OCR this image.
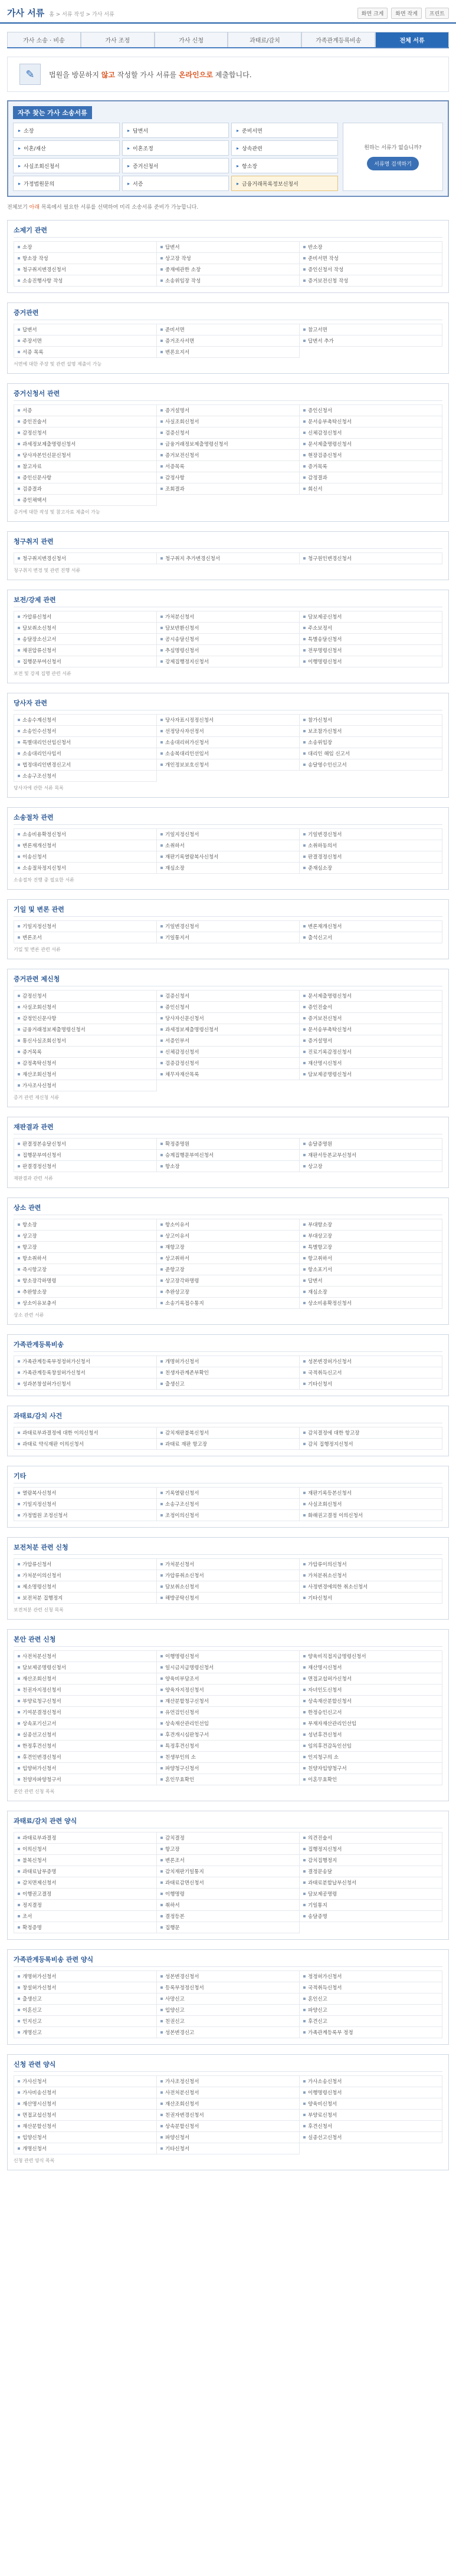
가사 서류 홈 > 서류 작성 > 가사 서류	화면 크게	화면 작게	프린트
가사 소송 · 비송	가사 조정	가사 신청	과태료/감치	가족관계등록비송	전체 서류
✎	법원을 방문하지 않고 작성할 가사 서류를 온라인으로 제출합니다.
자주 찾는 가사 소송서류
▸ 소장	▸ 답변서	▸ 준비서면
▸ 이혼/재산	▸ 이혼조정	▸ 상속관련
▸ 사실조회신청서	▸ 증거신청서	▸ 항소장
▸ 가정법원문의	▸ 서증	▸ 금융거래목록정보신청서
원하는 서류가 없습니까?
서류명 검색하기
전체보기 아래 목록에서 필요한 서류를 선택하여 미리 소송서류 준비가 가능합니다.
소제기 관련
소장	답변서	반소장
항소장 작성	상고장 작성	준비서면 작성
청구취지변경신청서	중재에관한 소장	증인신청서 작성
소송진행사항 작성	소송위임장 작성	증거보전신청 작성
증거관련
답변서	준비서면	참고서면
주장서면	증거조사서면	답변서 추가
서증 목록	변론요지서
서면에 대한 주장 및 관련 설명 제출이 가능
증거신청서 관련
서증	증거설명서	증인신청서
증인진술서	사실조회신청서	문서송부촉탁신청서
감정신청서	검증신청서	신체감정신청서
과세정보제출명령신청서	금융거래정보제출명령신청서	문서제출명령신청서
당사자본인신문신청서	증거보전신청서	현장검증신청서
참고자료	서증목록	증거목록
증인신문사항	감정사항	감정결과
검증결과	조회결과	회신서
증인채택서
증거에 대한 작성 및 참고자료 제출이 가능
청구취지 관련
청구취지변경신청서	청구취지 추가변경신청서	청구원인변경신청서
청구취지 변경 및 관련 진행 서류
보전/강제 관련
가압류신청서	가처분신청서	담보제공신청서
담보취소신청서	담보반환신청서	주소보정서
송달장소신고서	공시송달신청서	특별송달신청서
채권압류신청서	추심명령신청서	전부명령신청서
집행문부여신청서	강제집행정지신청서	이행명령신청서
보전 및 강제 집행 관련 서류
당사자 관련
소송수계신청서	당사자표시정정신청서	참가신청서
소송인수신청서	선정당사자선정서	보조참가신청서
특별대리인선임신청서	소송대리허가신청서	소송위임장
소송대리인사임서	소송복대리인선임서	대리인 해임 신고서
법정대리인변경신고서	개인정보보호신청서	송달영수인신고서
소송구조신청서
당사자에 관한 서류 목록
소송절차 관련
소송비용확정신청서	기일지정신청서	기일변경신청서
변론재개신청서	소취하서	소취하동의서
이송신청서	재판기록열람복사신청서	판결경정신청서
소송절차정지신청서	재심소장	준재심소장
소송절차 진행 중 필요한 서류
기일 및 변론 관련
기일지정신청서	기일변경신청서	변론재개신청서
변론조서	기일통지서	출석신고서
기일 및 변론 관련 서류
증거관련 제신청
감정신청서	검증신청서	문서제출명령신청서
사실조회신청서	증인신청서	증인진술서
감정인신문사항	당사자신문신청서	증거보전신청서
금융거래정보제출명령신청서	과세정보제출명령신청서	문서송부촉탁신청서
통신사실조회신청서	서증인부서	증거설명서
증거목록	신체감정신청서	진료기록감정신청서
감정촉탁신청서	검증감정신청서	재산명시신청서
재산조회신청서	채무자재산목록	담보제공명령신청서
가사조사신청서
증거 관련 제신청 서류
재판결과 관련
판결정본송달신청서	확정증명원	송달증명원
집행문부여신청서	승계집행문부여신청서	재판서등본교부신청서
판결경정신청서	항소장	상고장
재판결과 관련 서류
상소 관련
항소장	항소이유서	부대항소장
상고장	상고이유서	부대상고장
항고장	재항고장	특별항고장
항소취하서	상고취하서	항고취하서
즉시항고장	준항고장	항소포기서
항소장각하명령	상고장각하명령	답변서
추완항소장	추완상고장	재심소장
상소이유보충서	소송기록접수통지	상소비용확정신청서
상소 관련 서류
가족관계등록비송
가족관계등록부정정허가신청서	개명허가신청서	성본변경허가신청서
가족관계등록창설허가신청서	친생자관계존부확인	국적취득신고서
성과본창설허가신청서	출생신고	기타신청서
과태료/감치 사건
과태료부과결정에 대한 이의신청서	감치재판불복신청서	감치결정에 대한 항고장
과태료 약식재판 이의신청서	과태료 재판 항고장	감치 집행정지신청서
기타
열람복사신청서	기록열람신청서	재판기록등본신청서
기일지정신청서	소송구조신청서	사실조회신청서
가정법원 조정신청서	조정이의신청서	화해권고결정 이의신청서
보전처분 관련 신청
가압류신청서	가처분신청서	가압류이의신청서
가처분이의신청서	가압류취소신청서	가처분취소신청서
제소명령신청서	담보취소신청서	사정변경에의한 취소신청서
보전처분 집행정지	해방공탁신청서	기타신청서
보전처분 관련 신청 목록
본안 관련 신청
사전처분신청서	이행명령신청서	양육비직접지급명령신청서
담보제공명령신청서	일시금지급명령신청서	재산명시신청서
재산조회신청서	양육비부담조서	면접교섭허가신청서
친권자지정신청서	양육자지정신청서	자녀인도신청서
부양료청구신청서	재산분할청구신청서	상속재산분할신청서
기여분결정신청서	유언검인신청서	한정승인신고서
상속포기신고서	상속재산관리인선임	부재자재산관리인선임
실종선고신청서	후견개시심판청구서	성년후견신청서
한정후견신청서	특정후견신청서	임의후견감독인선임
후견인변경신청서	친생부인의 소	인지청구의 소
입양허가신청서	파양청구신청서	친양자입양청구서
친양자파양청구서	혼인무효확인	이혼무효확인
본안 관련 신청 목록
과태료/감치 관련 양식
과태료부과결정	감치결정	의견진술서
이의신청서	항고장	집행정지신청서
불복신청서	변론조서	감치집행정지
과태료납부증명	감치재판기일통지	결정문송달
감치면제신청서	과태료감면신청서	과태료분할납부신청서
이행권고결정	이행명령	담보제공명령
정지결정	취하서	기일통지
조서	결정등본	송달증명
확정증명	집행문
가족관계등록비송 관련 양식
개명허가신청서	성본변경신청서	정정허가신청서
창설허가신청서	등록부정정신청서	국적취득신청서
출생신고	사망신고	혼인신고
이혼신고	입양신고	파양신고
인지신고	친권신고	후견신고
개명신고	성본변경신고	가족관계등록부 정정
신청 관련 양식
가사신청서	가사조정신청서	가사소송신청서
가사비송신청서	사전처분신청서	이행명령신청서
재산명시신청서	재산조회신청서	양육비신청서
면접교섭신청서	친권자변경신청서	부양료신청서
재산분할신청서	상속분할신청서	후견신청서
입양신청서	파양신청서	실종선고신청서
개명신청서	기타신청서
신청 관련 양식 목록
